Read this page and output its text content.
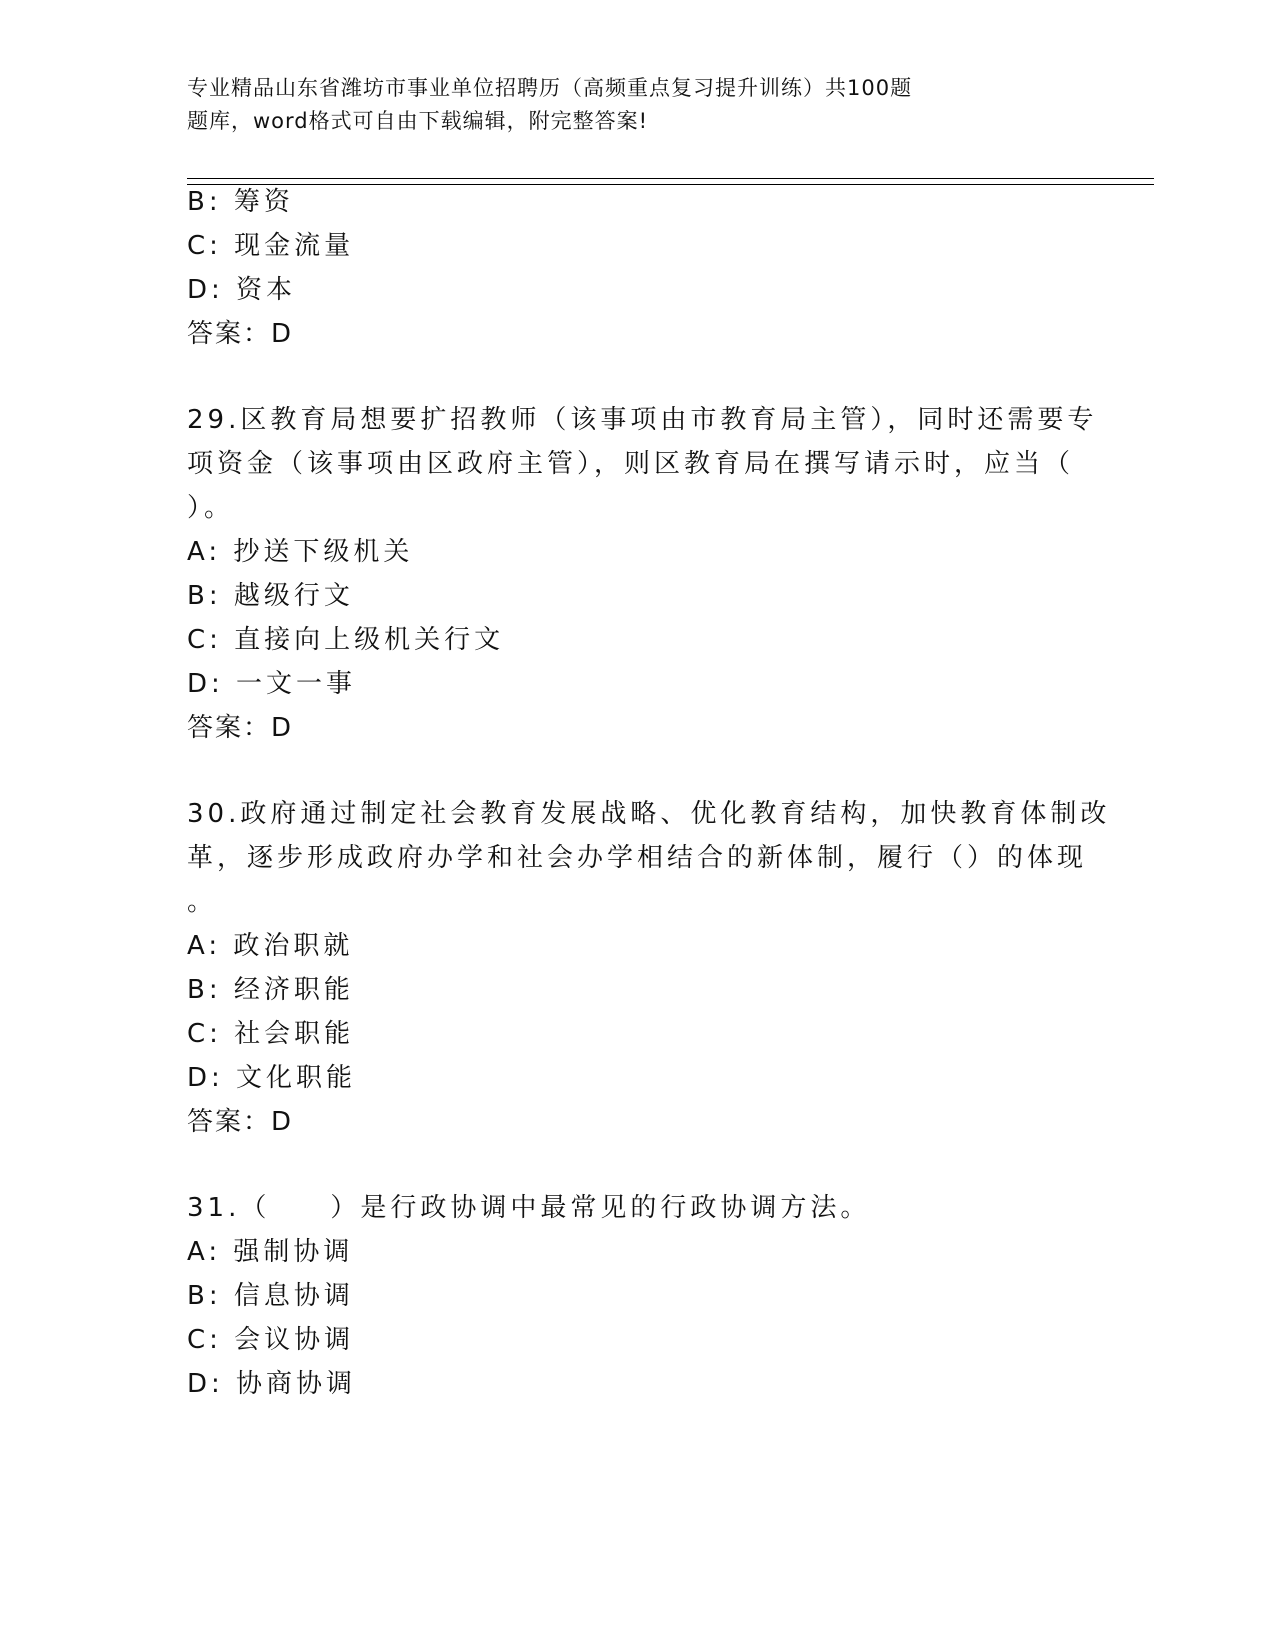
专业精品山东省潍坊市事业单位招聘历（高频重点复习提升训练）共100题
题库，word格式可自由下载编辑，附完整答案!
B: 筹资
C: 现金流量
D: 资本
答案：D
29.区教育局想要扩招教师（该事项由市教育局主管），同时还需要专
项资金（该事项由区政府主管），则区教育局在撰写请示时，应当（
）。
A: 抄送下级机关
B: 越级行文
C: 直接向上级机关行文
D: 一文一事
答案：D
30.政府通过制定社会教育发展战略、优化教育结构，加快教育体制改
革，逐步形成政府办学和社会办学相结合的新体制，履行（）的体现
。
A: 政治职就
B: 经济职能
C: 社会职能
D: 文化职能
答案：D
31.（　　）是行政协调中最常见的行政协调方法。
A: 强制协调
B: 信息协调
C: 会议协调
D: 协商协调
